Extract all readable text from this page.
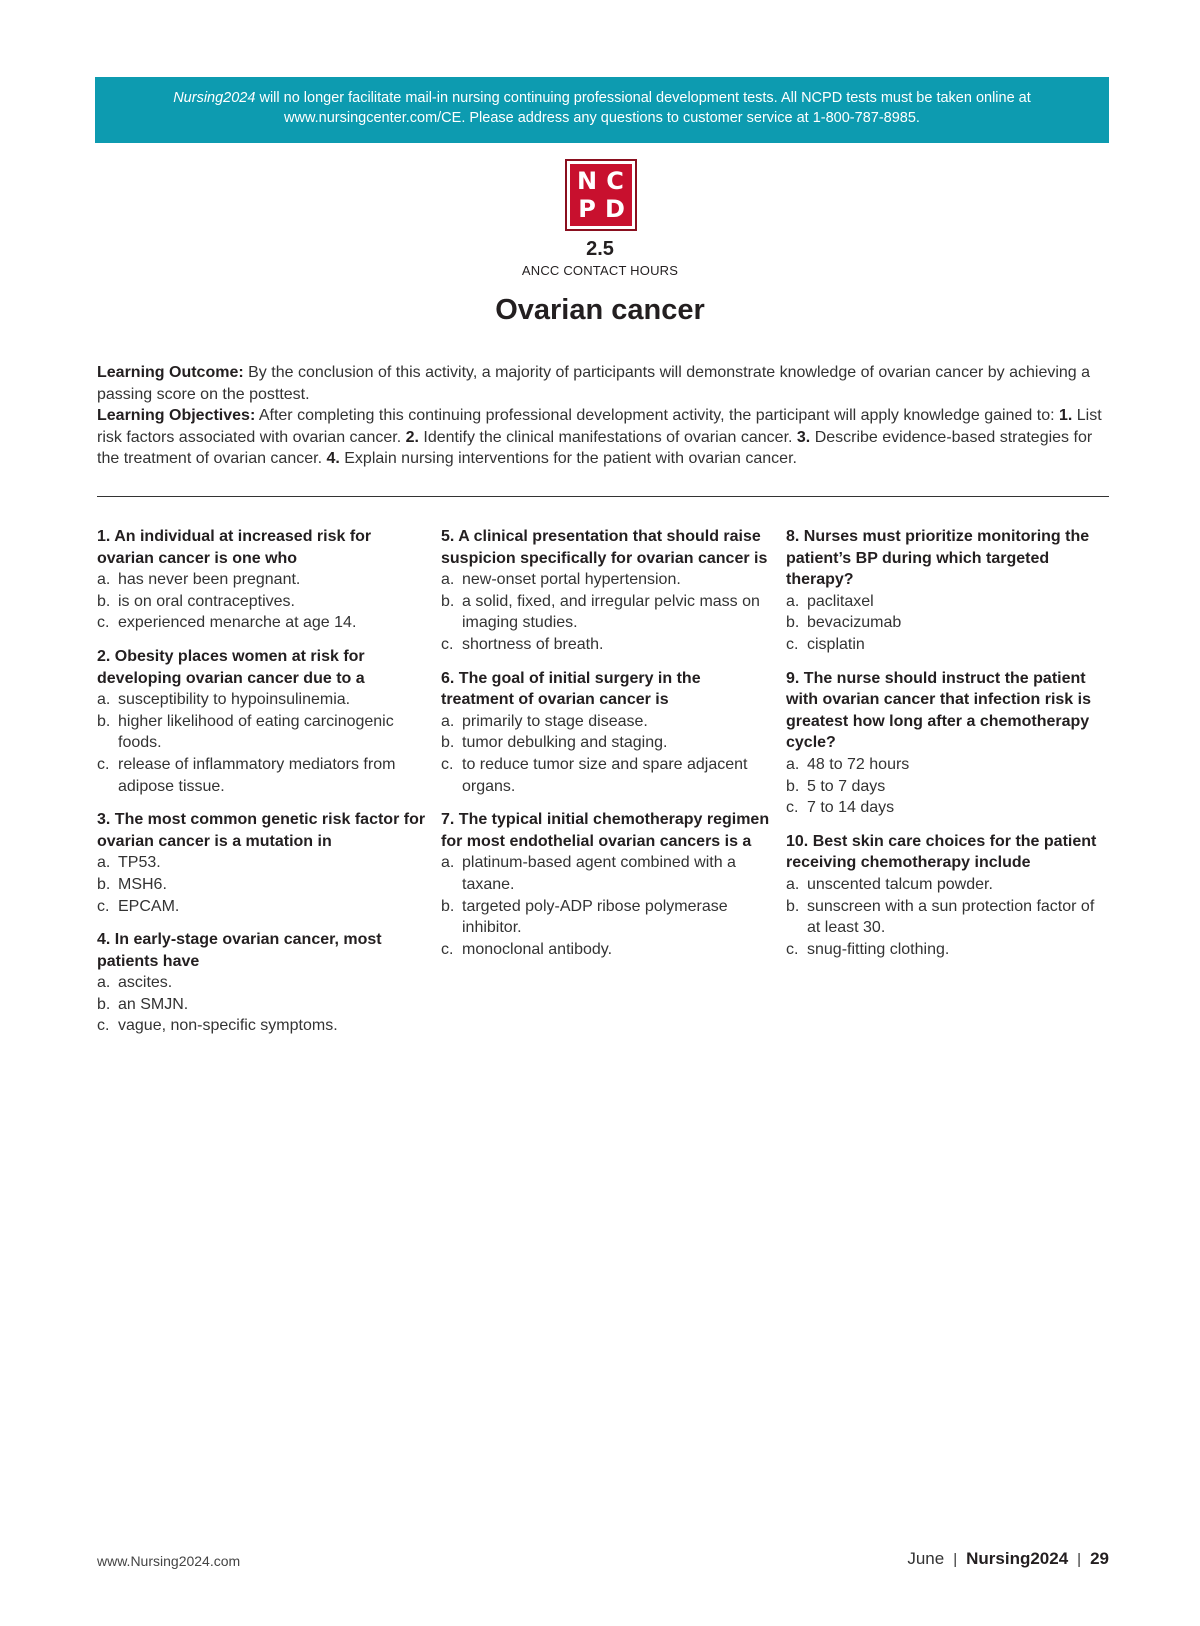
Nursing2024 will no longer facilitate mail-in nursing continuing professional development tests. All NCPD tests must be taken online at www.nursingcenter.com/CE. Please address any questions to customer service at 1-800-787-8985.
N C
P D
2.5
ANCC CONTACT HOURS
Ovarian cancer

Learning Outcome: By the conclusion of this activity, a majority of participants will demonstrate knowledge of ovarian cancer by achieving a passing score on the posttest.

Learning Objectives: After completing this continuing professional development activity, the participant will apply knowledge gained to: 1. List risk factors associated with ovarian cancer. 2. Identify the clinical manifestations of ovarian cancer. 3. Describe evidence-based strategies for the treatment of ovarian cancer. 4. Explain nursing interventions for the patient with ovarian cancer.

1. An individual at increased risk for ovarian cancer is one who
a. has never been pregnant.
b. is on oral contraceptives.
c. experienced menarche at age 14.
2. Obesity places women at risk for developing ovarian cancer due to a
a. susceptibility to hypoinsulinemia.
b. higher likelihood of eating carcinogenic foods.
c. release of inflammatory mediators from adipose tissue.
3. The most common genetic risk factor for ovarian cancer is a mutation in
a. TP53.
b. MSH6.
c. EPCAM.
4. In early-stage ovarian cancer, most patients have
a. ascites.
b. an SMJN.
c. vague, non-specific symptoms.
5. A clinical presentation that should raise suspicion specifically for ovarian cancer is
a. new-onset portal hypertension.
b. a solid, fixed, and irregular pelvic mass on imaging studies.
c. shortness of breath.
6. The goal of initial surgery in the treatment of ovarian cancer is
a. primarily to stage disease.
b. tumor debulking and staging.
c. to reduce tumor size and spare adjacent organs.
7. The typical initial chemotherapy regimen for most endothelial ovarian cancers is a
a. platinum-based agent combined with a taxane.
b. targeted poly-ADP ribose polymerase inhibitor.
c. monoclonal antibody.
8. Nurses must prioritize monitoring the patient’s BP during which targeted therapy?
a. paclitaxel
b. bevacizumab
c. cisplatin
9. The nurse should instruct the patient with ovarian cancer that infection risk is greatest how long after a chemotherapy cycle?
a. 48 to 72 hours
b. 5 to 7 days
c. 7 to 14 days
10. Best skin care choices for the patient receiving chemotherapy include
a. unscented talcum powder.
b. sunscreen with a sun protection factor of at least 30.
c. snug-fitting clothing.
www.Nursing2024.com	June | Nursing2024 | 29
